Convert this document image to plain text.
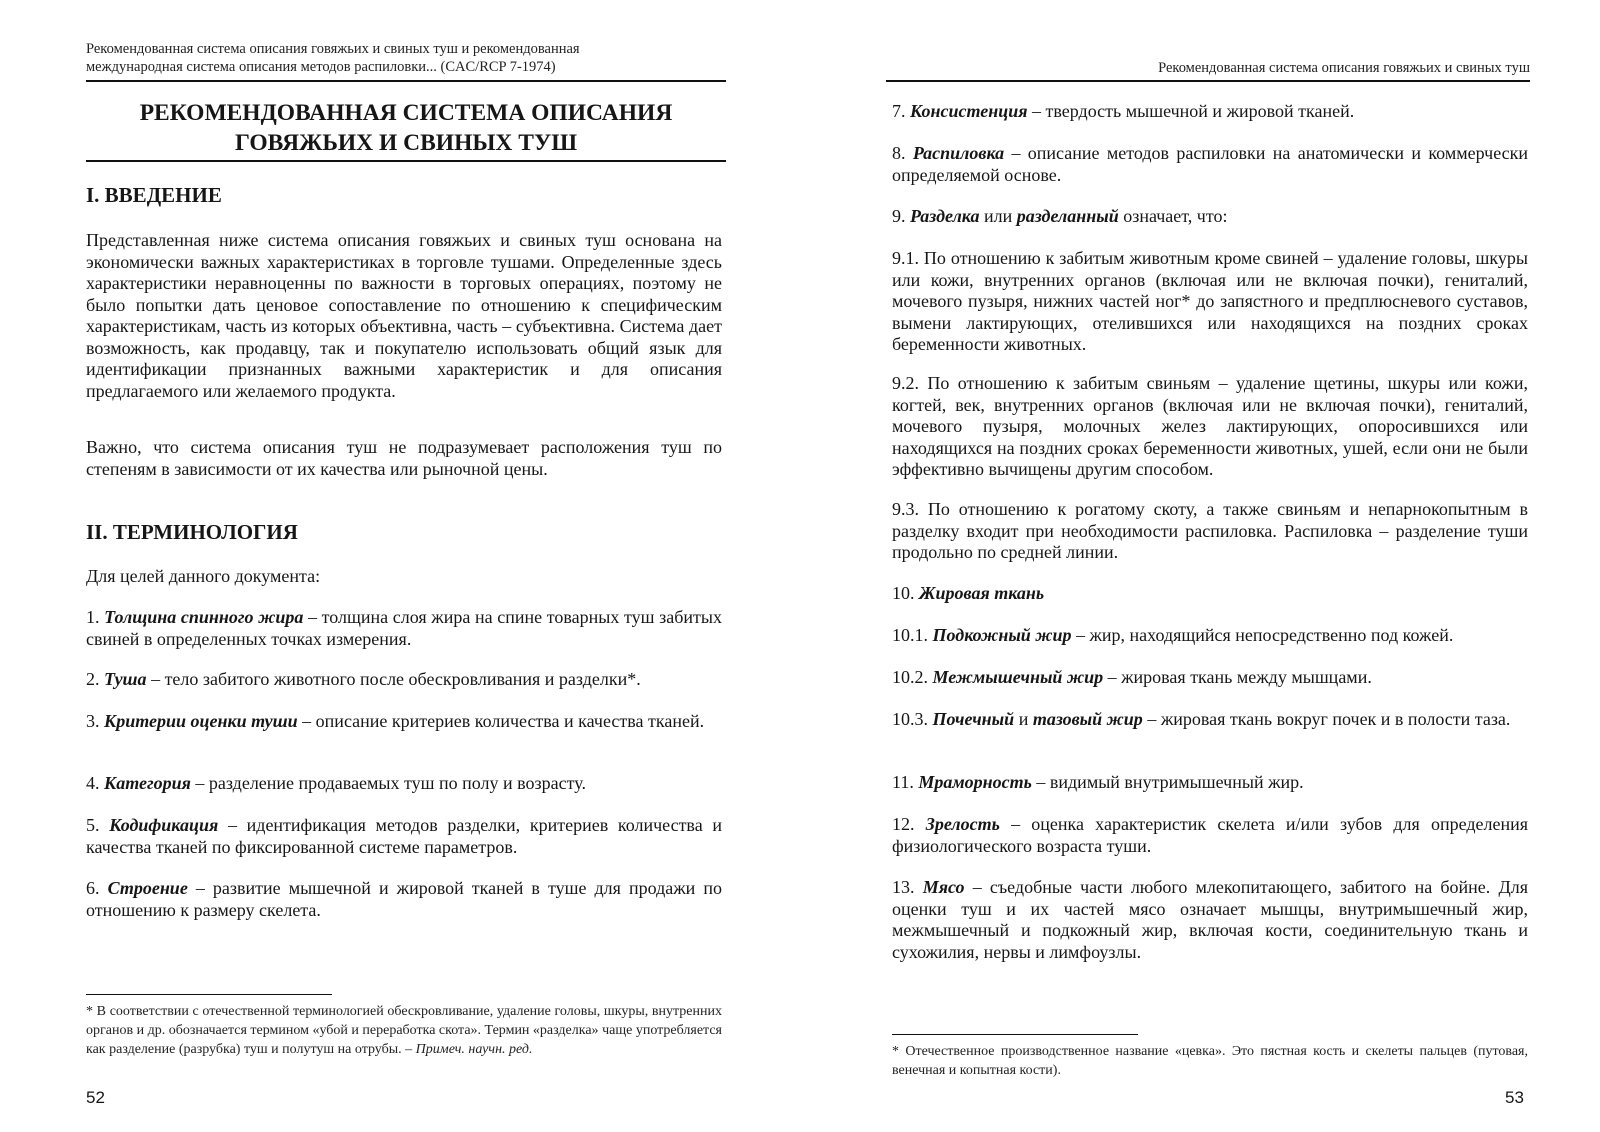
Рекомендованная система описания говяжьих и свиных туш и рекомендованная
международная система описания методов распиловки... (CAC/RCP 7-1974)
РЕКОМЕНДОВАННАЯ СИСТЕМА ОПИСАНИЯ
ГОВЯЖЬИХ И СВИНЫХ ТУШ
I. ВВЕДЕНИЕ
Представленная ниже система описания говяжьих и свиных туш основана на экономически важных характеристиках в торговле тушами. Определенные здесь характеристики неравноценны по важности в торговых операциях, поэтому не было попытки дать ценовое сопоставление по отношению к специфическим характеристикам, часть из которых объективна, часть – субъективна. Система дает возможность, как продавцу, так и покупателю использовать общий язык для идентификации признанных важными характеристик и для описания предлагаемого или желаемого продукта.
Важно, что система описания туш не подразумевает расположения туш по степеням в зависимости от их качества или рыночной цены.
II. ТЕРМИНОЛОГИЯ
Для целей данного документа:
1. Толщина спинного жира – толщина слоя жира на спине товарных туш забитых свиней в определенных точках измерения.
2. Туша – тело забитого животного после обескровливания и разделки*.
3. Критерии оценки туши – описание критериев количества и качества тканей.
4. Категория – разделение продаваемых туш по полу и возрасту.
5. Кодификация – идентификация методов разделки, критериев количества и качества тканей по фиксированной системе параметров.
6. Строение – развитие мышечной и жировой тканей в туше для продажи по отношению к размеру скелета.
* В соответствии с отечественной терминологией обескровливание, удаление головы, шкуры, внутренних органов и др. обозначается термином «убой и переработка скота». Термин «разделка» чаще употребляется как разделение (разрубка) туш и полутуш на отрубы. – Примеч. научн. ред.
52
Рекомендованная система описания говяжьих и свиных туш
7. Консистенция – твердость мышечной и жировой тканей.
8. Распиловка – описание методов распиловки на анатомически и коммерчески определяемой основе.
9. Разделка или разделанный означает, что:
9.1. По отношению к забитым животным кроме свиней – удаление головы, шкуры или кожи, внутренних органов (включая или не включая почки), гениталий, мочевого пузыря, нижних частей ног* до запястного и предплюсневого суставов, вымени лактирующих, отелившихся или находящихся на поздних сроках беременности животных.
9.2. По отношению к забитым свиньям – удаление щетины, шкуры или кожи, когтей, век, внутренних органов (включая или не включая почки), гениталий, мочевого пузыря, молочных желез лактирующих, опоросившихся или находящихся на поздних сроках беременности животных, ушей, если они не были эффективно вычищены другим способом.
9.3. По отношению к рогатому скоту, а также свиньям и непарнокопытным в разделку входит при необходимости распиловка. Распиловка – разделение туши продольно по средней линии.
10. Жировая ткань
10.1. Подкожный жир – жир, находящийся непосредственно под кожей.
10.2. Межмышечный жир – жировая ткань между мышцами.
10.3. Почечный и тазовый жир – жировая ткань вокруг почек и в полости таза.
11. Мраморность – видимый внутримышечный жир.
12. Зрелость – оценка характеристик скелета и/или зубов для определения физиологического возраста туши.
13. Мясо – съедобные части любого млекопитающего, забитого на бойне. Для оценки туш и их частей мясо означает мышцы, внутримышечный жир, межмышечный и подкожный жир, включая кости, соединительную ткань и сухожилия, нервы и лимфоузлы.
* Отечественное производственное название «цевка». Это пястная кость и скелеты пальцев (путовая, венечная и копытная кости).
53
